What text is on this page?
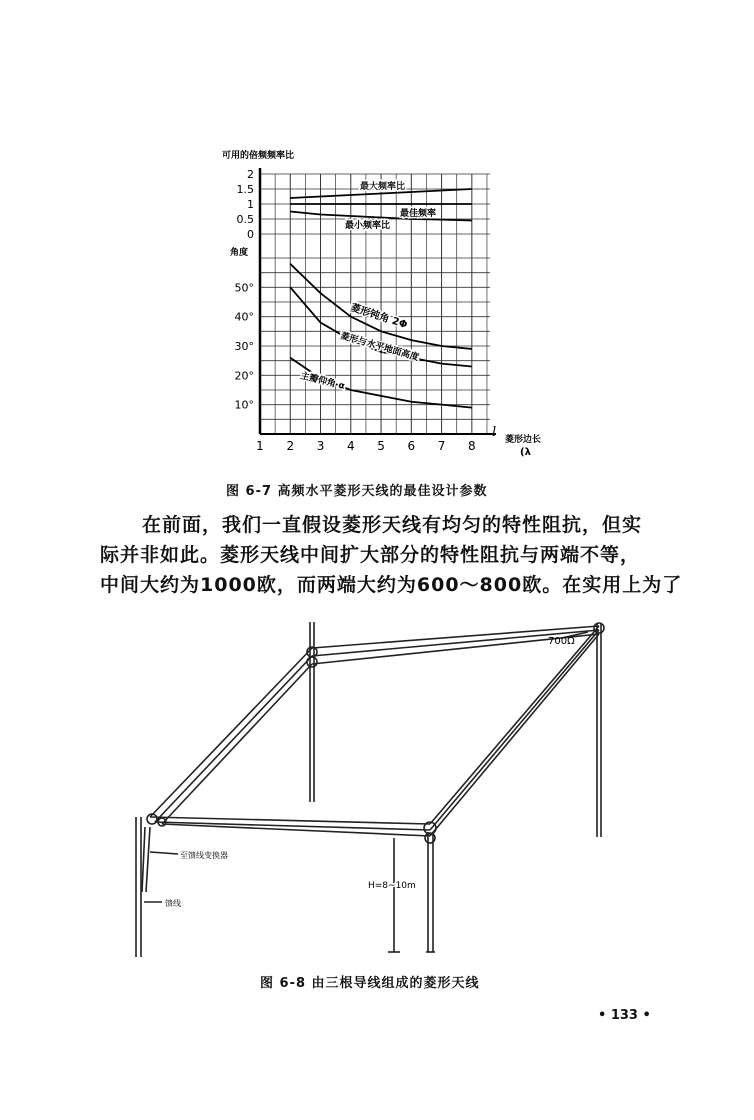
2
1.5
1
0.5
0
50°
40°
30°
20°
10°
1 2 3 4 5 6 7 8
可用的倍频频率比
角度
菱形边长
(λ
l
最大频率比
最佳频率
最小频率比
菱形钝角 2Φ
菱形与水平地面高度
主瓣仰角 α
图 6-7 高频水平菱形天线的最佳设计参数
在前面，我们一直假设菱形天线有均匀的特性阻抗，但实
际并非如此。菱形天线中间扩大部分的特性阻抗与两端不等，
中间大约为1000欧，而两端大约为600～800欧。在实用上为了
700Ω
至馈线变换器
馈线
H=8~10m
图 6-8 由三根导线组成的菱形天线
• 133 •
